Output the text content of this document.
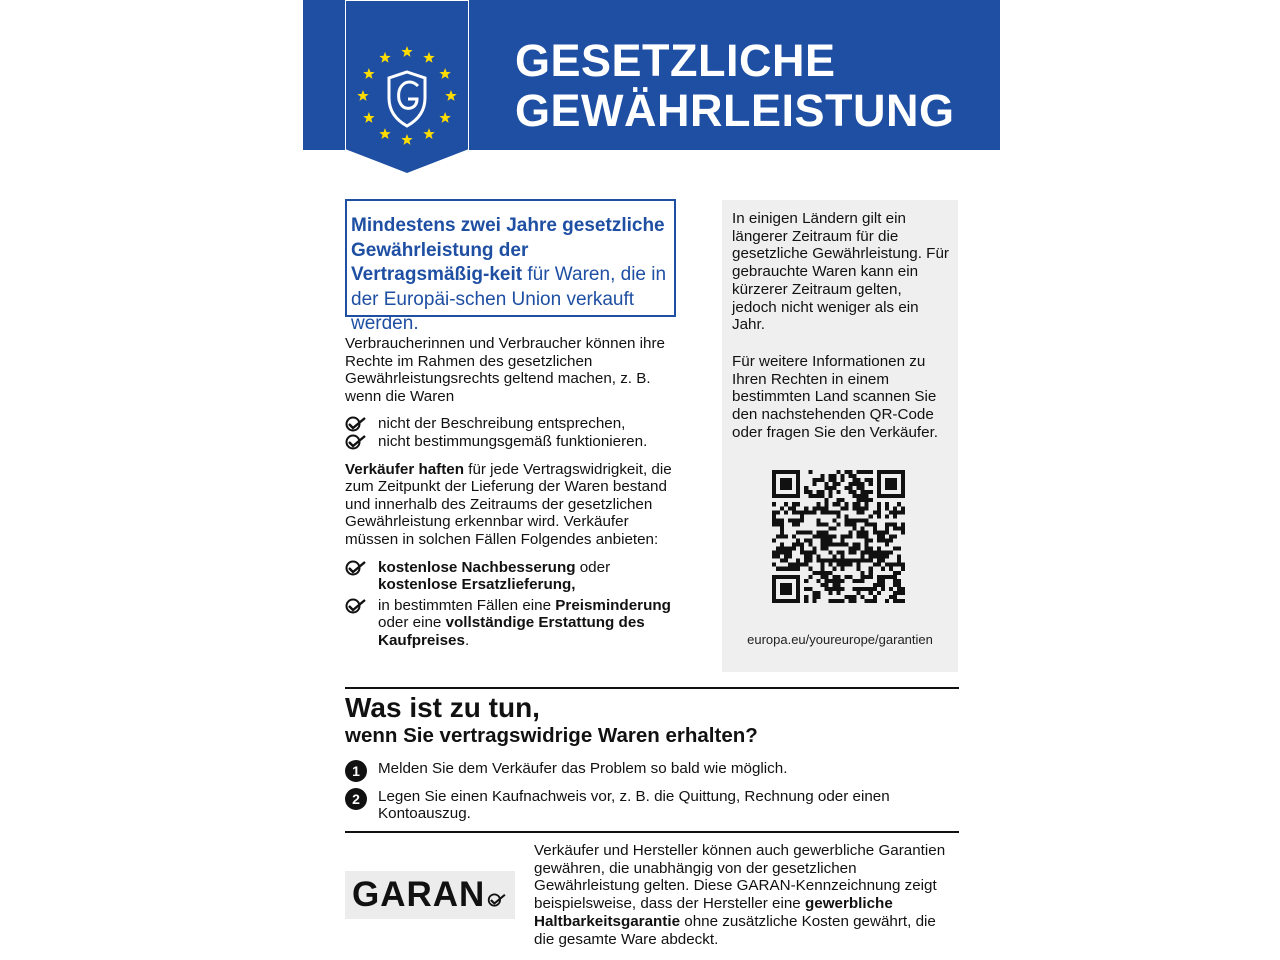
GESETZLICHE
GEWÄHRLEISTUNG
Mindestens zwei Jahre gesetzliche Gewährleistung der Vertragsmäßig-keit für Waren, die in der Europäi-schen Union verkauft werden.

Verbraucherinnen und Verbraucher können ihre Rechte im Rahmen des gesetzlichen Gewährleistungsrechts geltend machen, z. B. wenn die Waren

nicht der Beschreibung entsprechen,
nicht bestimmungsgemäß funktionieren.

Verkäufer haften für jede Vertragswidrigkeit, die zum Zeitpunkt der Lieferung der Waren bestand und innerhalb des Zeitraums der gesetzlichen Gewährleistung erkennbar wird. Verkäufer müssen in solchen Fällen Folgendes anbieten:

kostenlose Nachbesserung oder
kostenlose Ersatzlieferung,
in bestimmten Fällen eine Preisminderung oder eine vollständige Erstattung des Kaufpreises.

In einigen Ländern gilt ein längerer Zeitraum für die gesetzliche Gewährleistung. Für gebrauchte Waren kann ein kürzerer Zeitraum gelten, jedoch nicht weniger als ein Jahr.

Für weitere Informationen zu Ihren Rechten in einem bestimmten Land scannen Sie den nachstehenden QR-Code oder fragen Sie den Verkäufer.

europa.eu/youreurope/garantien
Was ist zu tun,
wenn Sie vertragswidrige Waren erhalten?
1	Melden Sie dem Verkäufer das Problem so bald wie möglich.
2	Legen Sie einen Kaufnachweis vor, z. B. die Quittung, Rechnung oder einen Kontoauszug.
GARAN

Verkäufer und Hersteller können auch gewerbliche Garantien gewähren, die unabhängig von der gesetzlichen Gewährleistung gelten. Diese GARAN-Kennzeichnung zeigt beispielsweise, dass der Hersteller eine gewerbliche Haltbarkeitsgarantie ohne zusätzliche Kosten gewährt, die die gesamte Ware abdeckt.
